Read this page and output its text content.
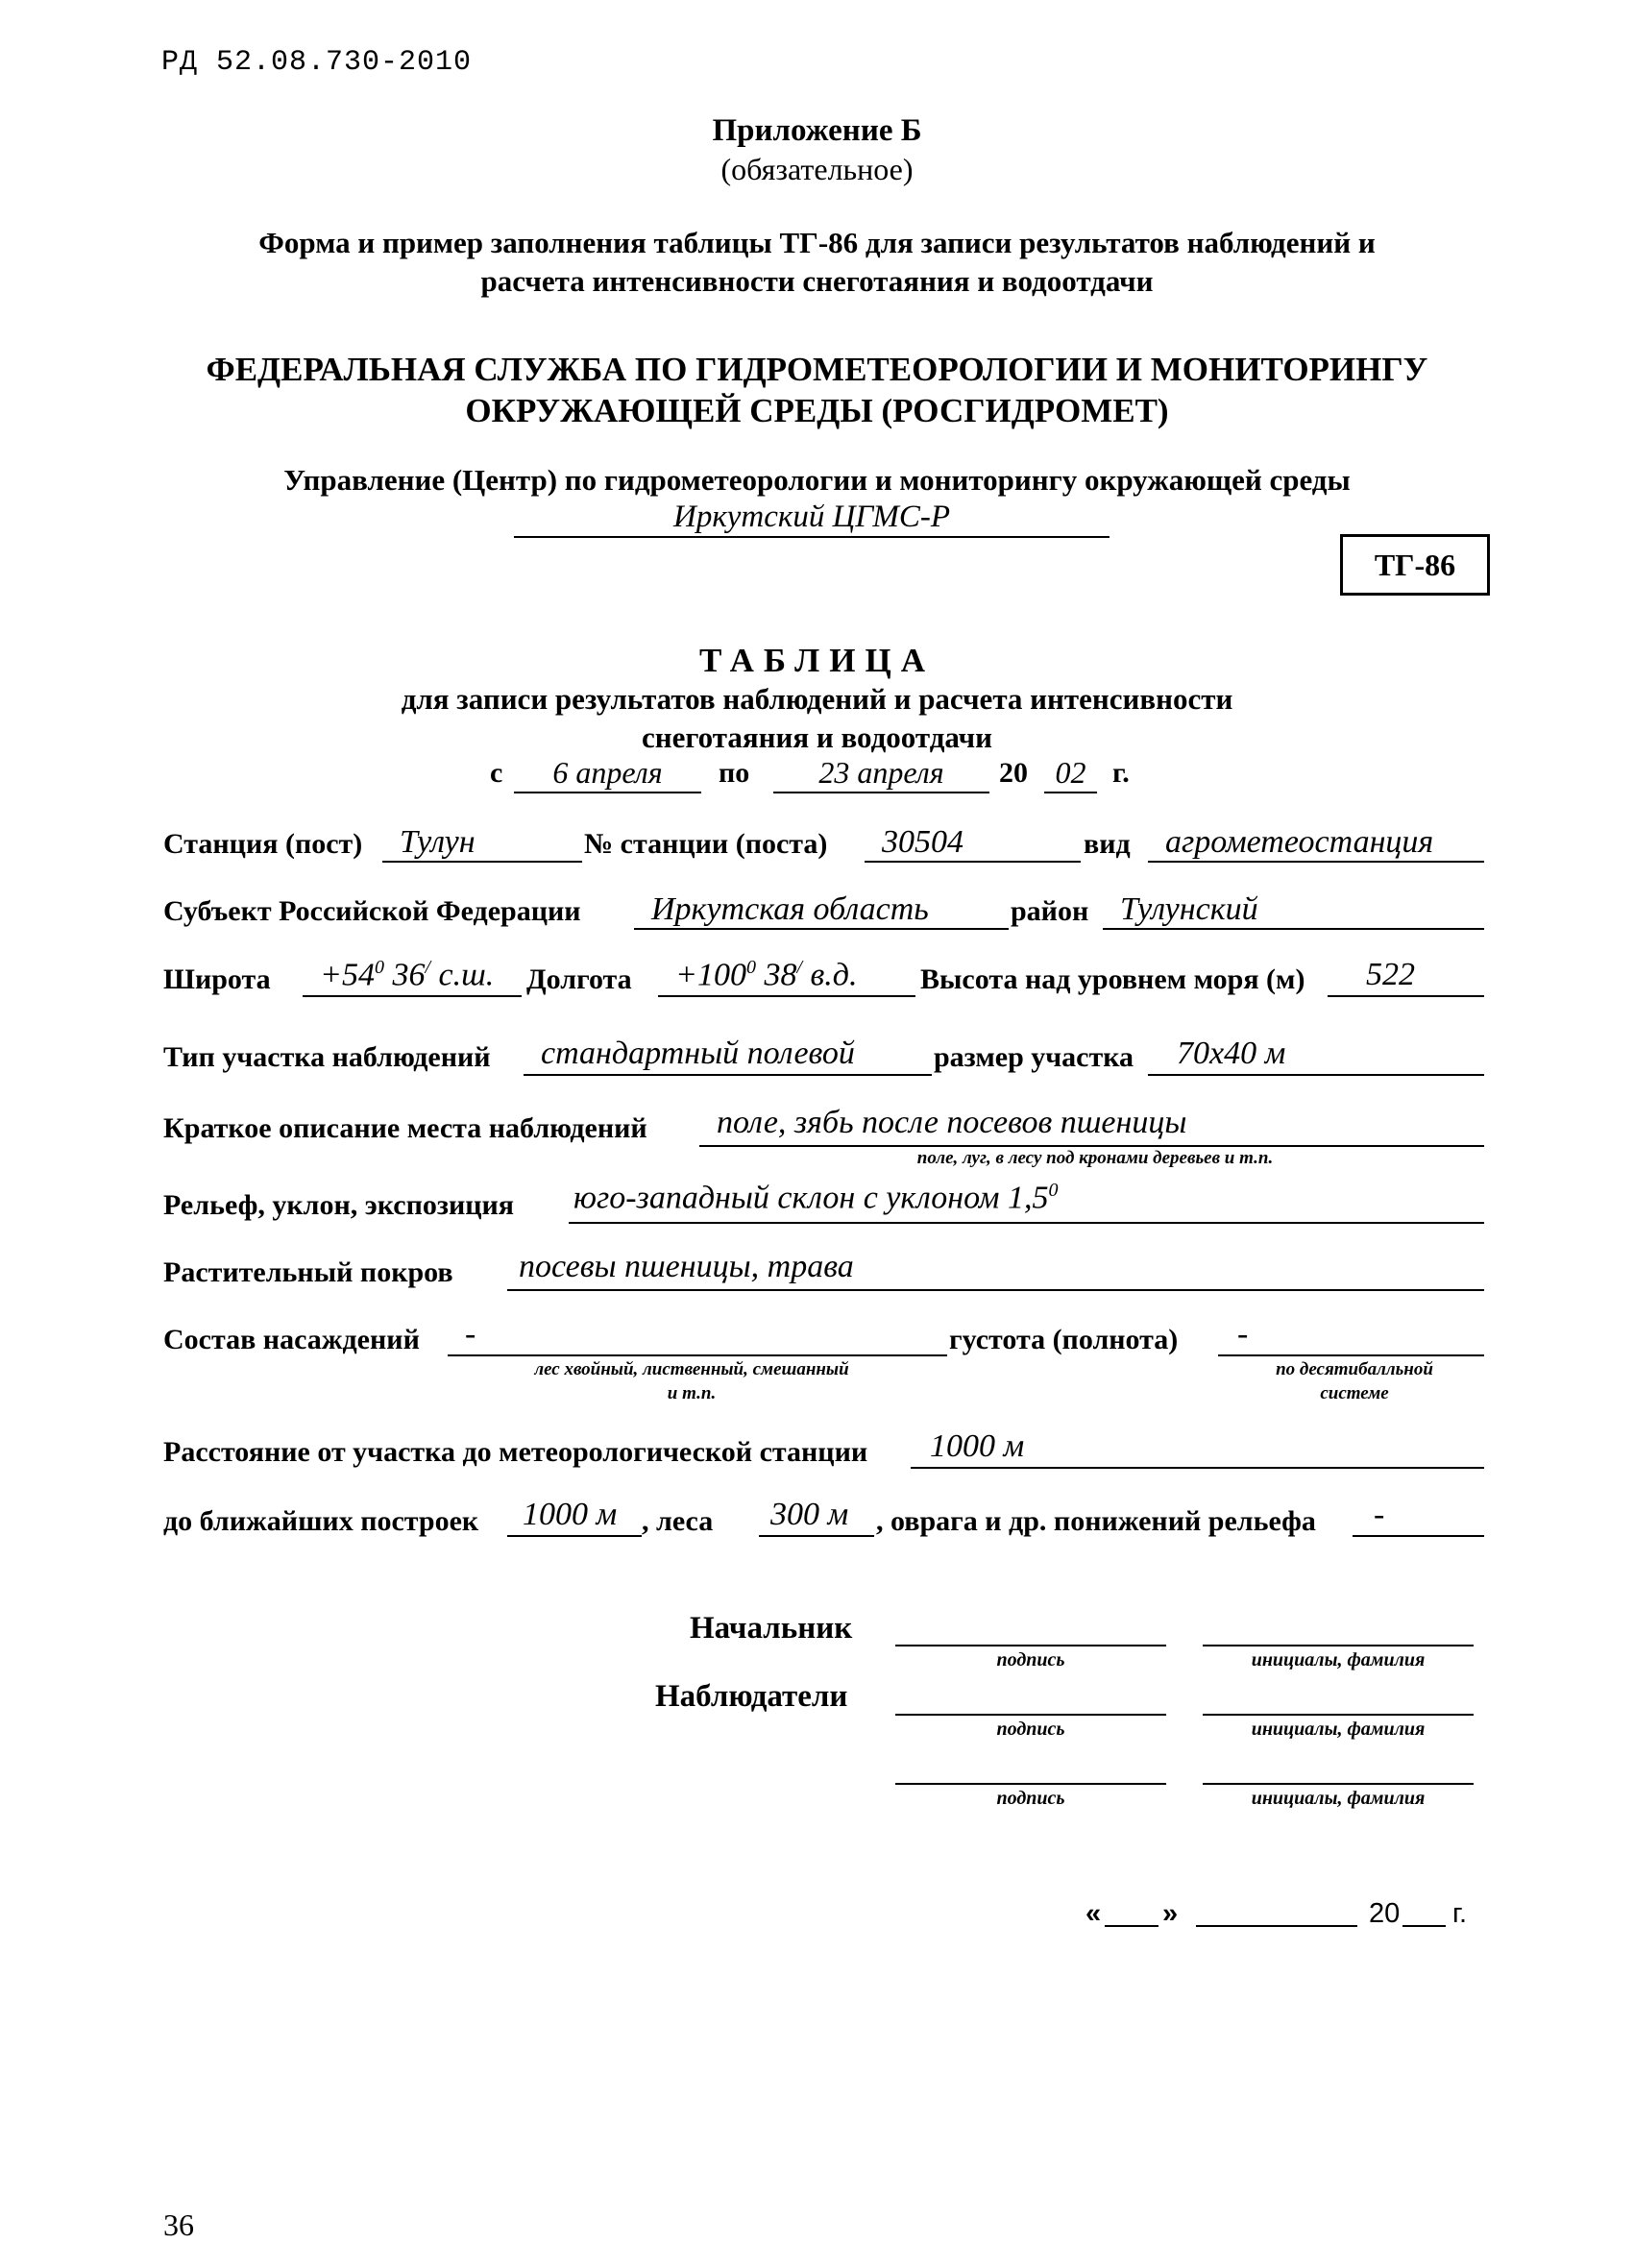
РД 52.08.730-2010
Приложение Б
(обязательное)
Форма и пример заполнения таблицы ТГ-86 для записи результатов наблюдений и
расчета интенсивности снеготаяния и водоотдачи
ФЕДЕРАЛЬНАЯ СЛУЖБА ПО ГИДРОМЕТЕОРОЛОГИИ И МОНИТОРИНГУ
ОКРУЖАЮЩЕЙ СРЕДЫ (РОСГИДРОМЕТ)
Управление (Центр) по гидрометеорологии и мониторингу окружающей среды
Иркутский ЦГМС-Р
ТГ-86
ТАБЛИЦА
для записи результатов наблюдений и расчета интенсивности
снеготаяния и водоотдачи
с	6 апреля	по	23 апреля	20 02 г.
Станция (пост)	Тулун	№ станции (поста)	30504	вид	агрометеостанция
Субъект Российской Федерации	Иркутская область	район Тулунский
Широта	$+54^0$ 36/ с.ш.	Долгота	$+100^0$ 38/ в.д.	Высота над уровнем моря (м)	522
Тип участка наблюдений	стандартный полевой	размер участка	70х40 м
Краткое описание места наблюдений	поле, зябь после посевов пшеницы
поле, луг, в лесу под кронами деревьев и т.п.
Рельеф, уклон, экспозиция юго-западный склон с уклоном $1,5^0$
Растительный покров	посевы пшеницы, трава
Состав насаждений	-
лес хвойный, лиственный, смешанный
и т.п.
густота (полнота)	-
по десятибалльной
системе
Расстояние от участка до метеорологической станции	1000 м
до ближайших построек	1000 м , леса	300 м , оврага и др. понижений рельефа	-
Начальник
подпись	инициалы, фамилия
Наблюдатели
подпись	инициалы, фамилия
подпись	инициалы, фамилия
« »	20 г.
36
